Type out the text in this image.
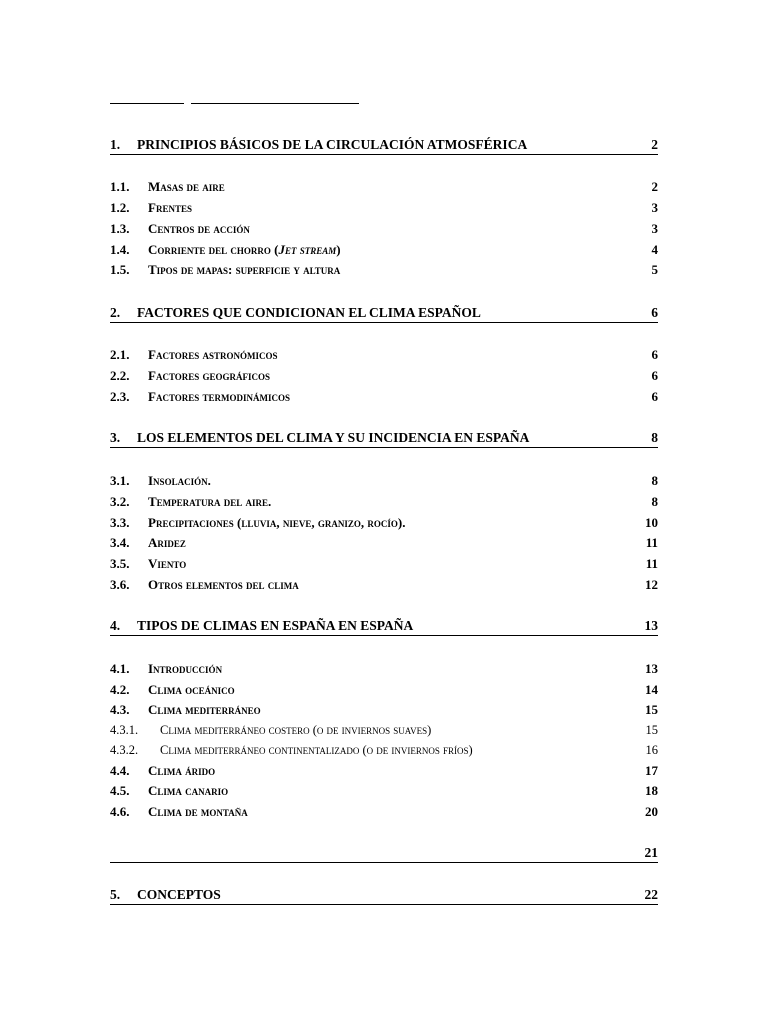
1.	PRINCIPIOS BÁSICOS DE LA CIRCULACIÓN ATMOSFÉRICA	2
1.1.	Masas de aire	2
1.2.	Frentes	3
1.3.	Centros de acción	3
1.4.	Corriente del chorro (Jet stream)	4
1.5.	Tipos de mapas: superficie y altura	5
2.	FACTORES QUE CONDICIONAN EL CLIMA ESPAÑOL	6
2.1.	Factores astronómicos	6
2.2.	Factores geográficos	6
2.3.	Factores termodinámicos	6
3.	LOS ELEMENTOS DEL CLIMA Y SU INCIDENCIA EN ESPAÑA	8
3.1.	Insolación.	8
3.2.	Temperatura del aire.	8
3.3.	Precipitaciones (lluvia, nieve, granizo, rocío).	10
3.4.	Aridez	11
3.5.	Viento	11
3.6.	Otros elementos del clima	12
4.	TIPOS DE CLIMAS EN ESPAÑA EN ESPAÑA	13
4.1.	Introducción	13
4.2.	Clima oceánico	14
4.3.	Clima mediterráneo	15
4.3.1.	Clima mediterráneo costero (o de inviernos suaves)	15
4.3.2.	Clima mediterráneo continentalizado (o de inviernos fríos)	16
4.4.	Clima árido	17
4.5.	Clima canario	18
4.6.	Clima de montaña	20
21
5.	CONCEPTOS	22
